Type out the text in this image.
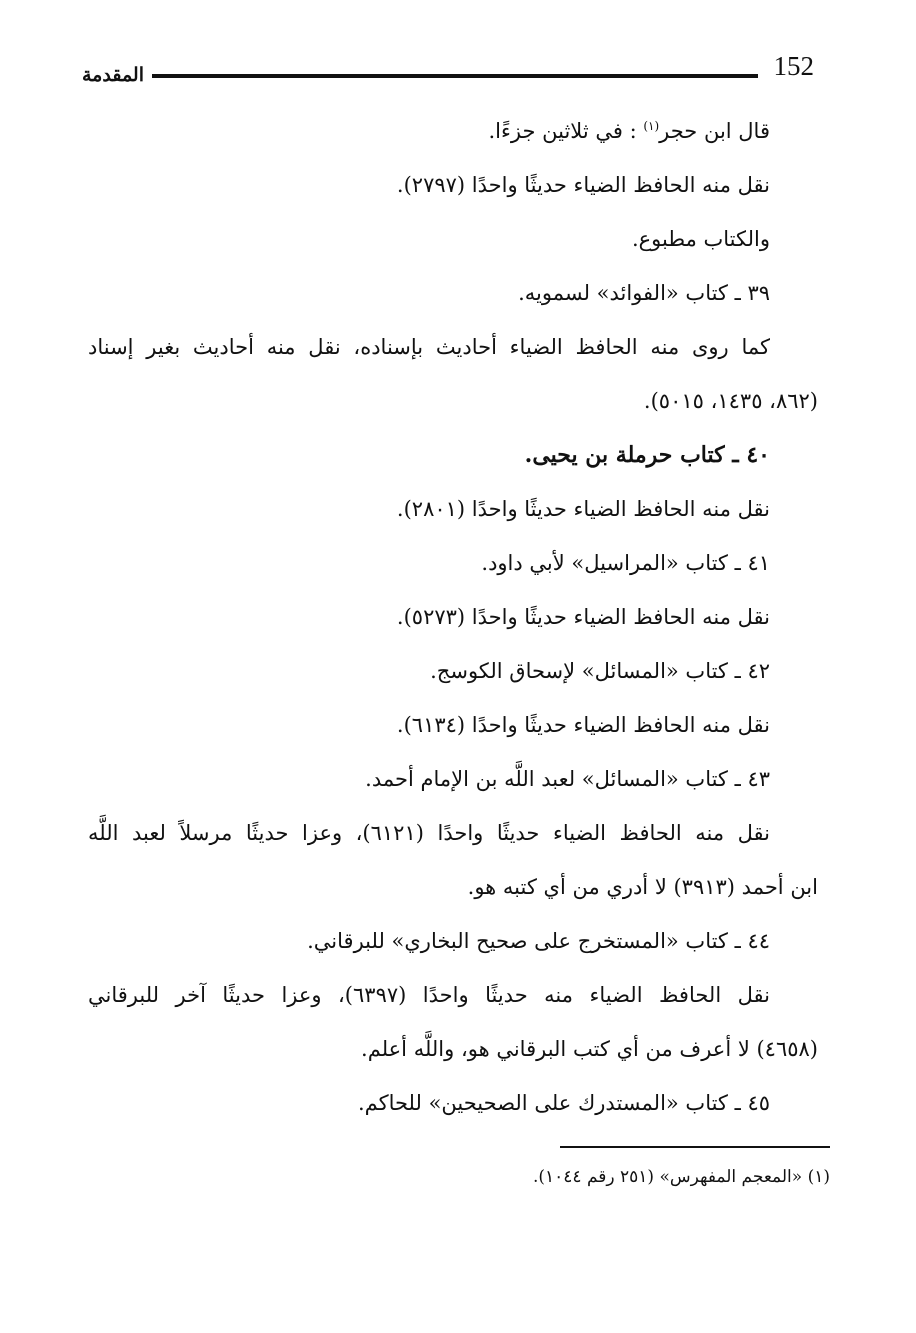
152
المقدمة

قال ابن حجر$^{(١)}$ : في ثلاثين جزءًا.

نقل منه الحافظ الضياء حديثًا واحدًا (٢٧٩٧).

والكتاب مطبوع.

٣٩ ـ كتاب «الفوائد» لسمويه.

كما روى منه الحافظ الضياء أحاديث بإسناده، نقل منه أحاديث بغير إسناد

(٨٦٢، ١٤٣٥، ٥٠١٥).

٤٠ ـ كتاب حرملة بن يحيى.

نقل منه الحافظ الضياء حديثًا واحدًا (٢٨٠١).

٤١ ـ كتاب «المراسيل» لأبي داود.

نقل منه الحافظ الضياء حديثًا واحدًا (٥٢٧٣).

٤٢ ـ كتاب «المسائل» لإسحاق الكوسج.

نقل منه الحافظ الضياء حديثًا واحدًا (٦١٣٤).

٤٣ ـ كتاب «المسائل» لعبد اللَّه بن الإمام أحمد.

نقل منه الحافظ الضياء حديثًا واحدًا (٦١٢١)، وعزا حديثًا مرسلاً لعبد اللَّه

ابن أحمد (٣٩١٣) لا أدري من أي كتبه هو.

٤٤ ـ كتاب «المستخرج على صحيح البخاري» للبرقاني.

نقل الحافظ الضياء منه حديثًا واحدًا (٦٣٩٧)، وعزا حديثًا آخر للبرقاني

(٤٦٥٨) لا أعرف من أي كتب البرقاني هو، واللَّه أعلم.

٤٥ ـ كتاب «المستدرك على الصحيحين» للحاكم.

(١) «المعجم المفهرس» (٢٥١ رقم ١٠٤٤).
